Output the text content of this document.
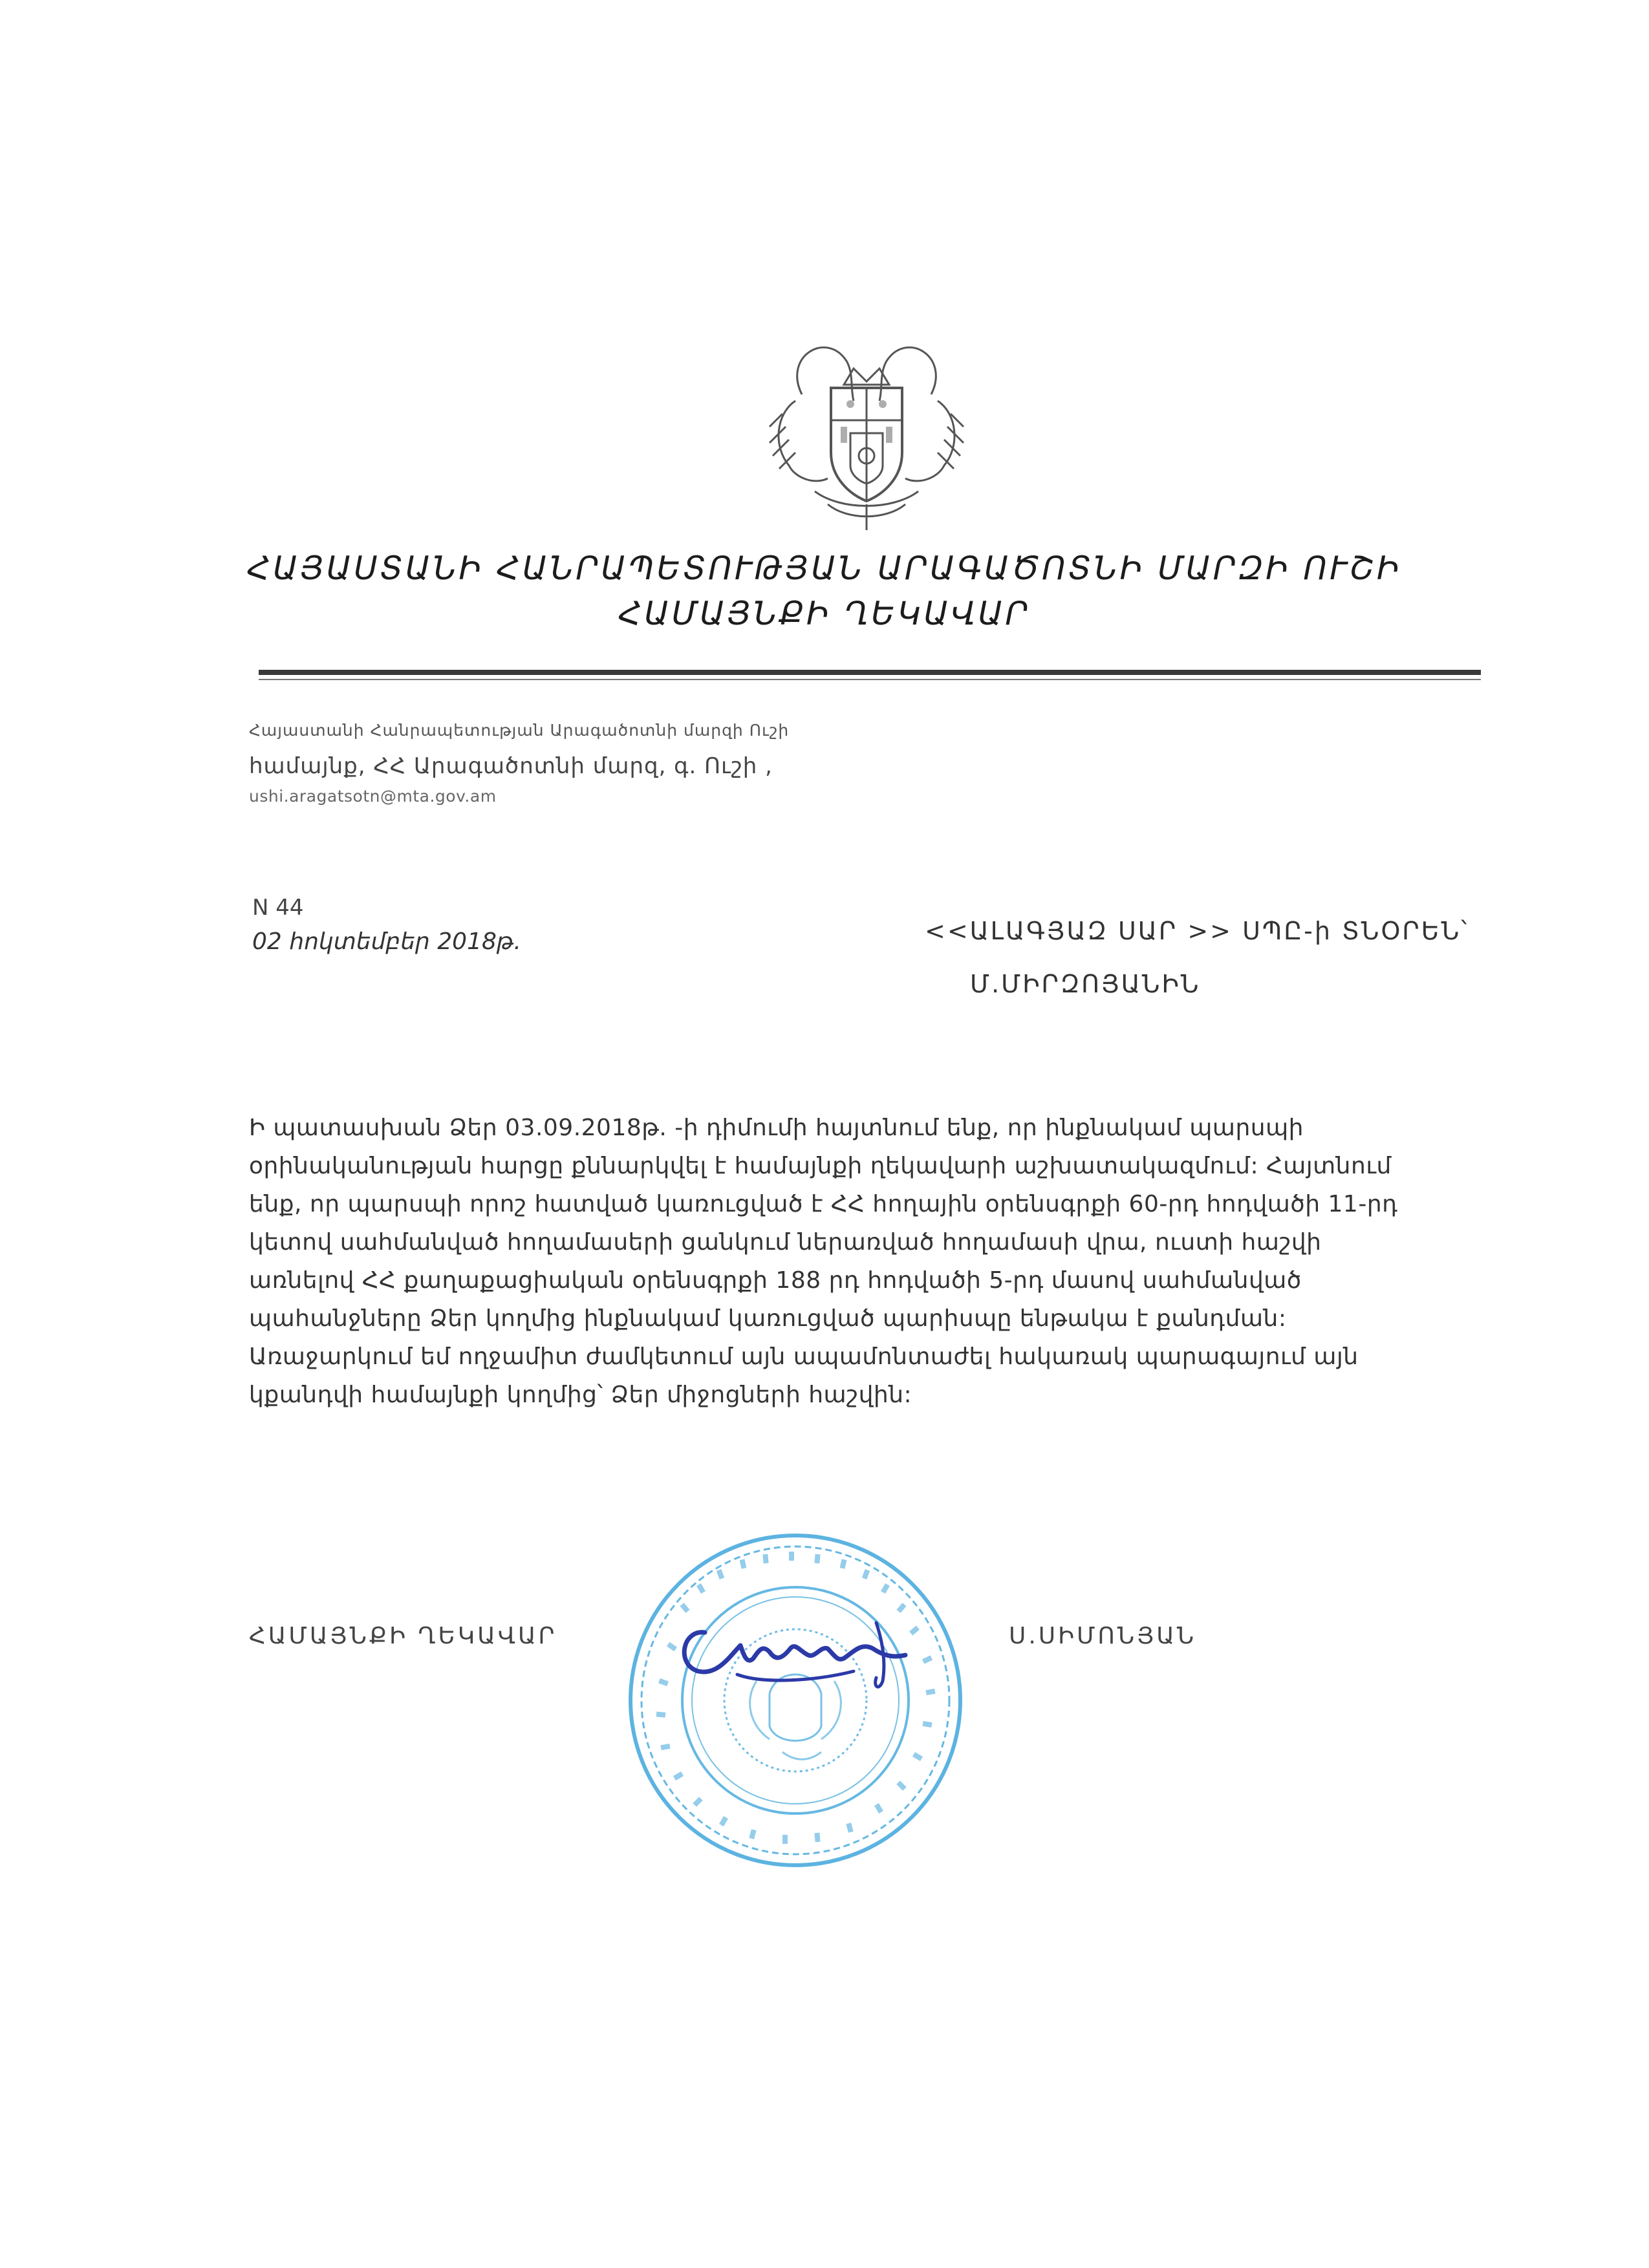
ՀԱՅԱՍՏԱՆԻ ՀԱՆՐԱՊԵՏՈՒԹՅԱՆ ԱՐԱԳԱԾՈՏՆԻ ՄԱՐԶԻ ՈՒՇԻ
ՀԱՄԱՅՆՔԻ ՂԵԿԱՎԱՐ
Հայաստանի Հանրապետության Արագածոտնի մարզի Ուշի
համայնք, ՀՀ Արագածոտնի մարզ, գ. Ուշի ,
ushi.aragatsotn@mta.gov.am
N 44
02 հոկտեմբեր 2018թ.	<<ԱԼԱԳՅԱԶ ՍԱՐ >> ՍՊԸ-ի ՏՆՕՐԵՆ՝
Մ.ՄԻՐԶՈՅԱՆԻՆ
Ի պատասխան Ձեր 03.09.2018թ. -ի դիմումի հայտնում ենք, որ ինքնակամ պարսպի
օրինականության հարցը քննարկվել է համայնքի ղեկավարի աշխատակազմում: Հայտնում
ենք, որ պարսպի որոշ հատված կառուցված է ՀՀ հողային օրենսգրքի 60-րդ հոդվածի 11-րդ
կետով սահմանված հողամասերի ցանկում ներառված հողամասի վրա, ուստի հաշվի
առնելով ՀՀ քաղաքացիական օրենսգրքի 188 րդ հոդվածի 5-րդ մասով սահմանված
պահանջները Ձեր կողմից ինքնակամ կառուցված պարիսպը ենթակա է քանդման:
Առաջարկում եմ ողջամիտ ժամկետում այն ապամոնտաժել հակառակ պարագայում այն
կքանդվի համայնքի կողմից՝ Ձեր միջոցների հաշվին:
ՀԱՄԱՅՆՔԻ ՂԵԿԱՎԱՐ	Ս.ՍԻՄՈՆՅԱՆ
